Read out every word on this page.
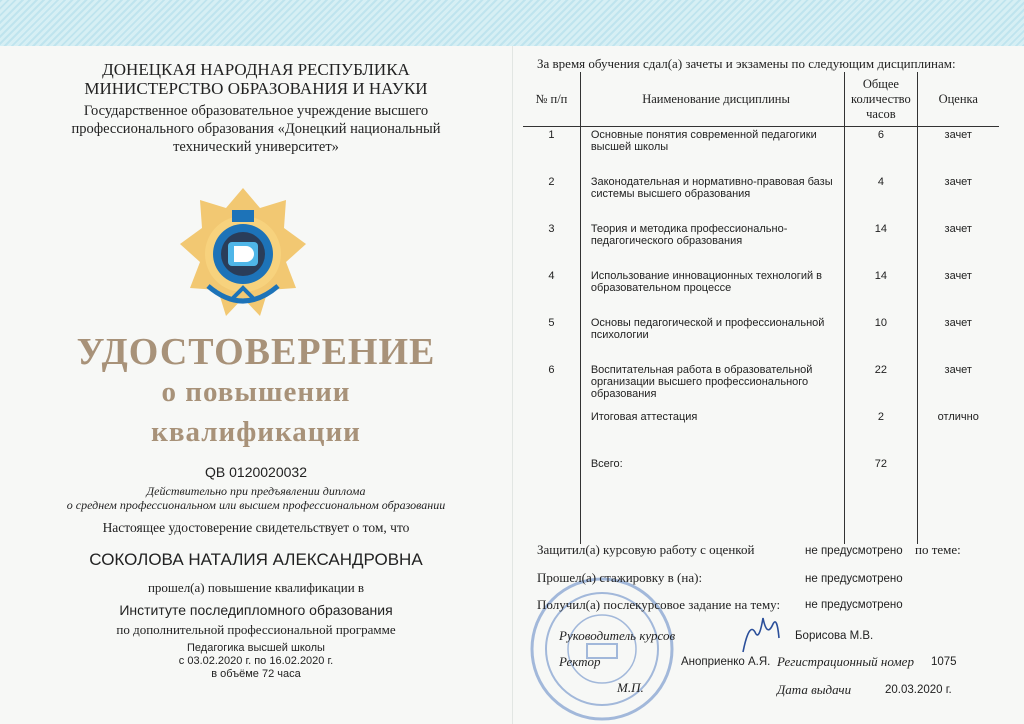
ДОНЕЦКАЯ НАРОДНАЯ РЕСПУБЛИКА
МИНИСТЕРСТВО ОБРАЗОВАНИЯ И НАУКИ
Государственное образовательное учреждение высшего
профессионального образования «Донецкий национальный
технический университет»
УДОСТОВЕРЕНИЕ
о повышении
квалификации
QB 0120020032
Действительно при предъявлении диплома
о среднем профессиональном или высшем профессиональном образовании
Настоящее удостоверение свидетельствует о том, что
СОКОЛОВА НАТАЛИЯ АЛЕКСАНДРОВНА
прошел(а) повышение квалификации в
Институте последипломного образования
по дополнительной профессиональной программе
Педагогика высшей школы
с 03.02.2020 г. по 16.02.2020 г.
в объёме 72 часа
За время обучения сдал(а) зачеты и экзамены по следующим дисциплинам:
№ п/п	Наименование дисциплины	Общее количество часов	Оценка
1	Основные понятия современной педагогики высшей школы	6	зачет
2	Законодательная и нормативно-правовая базы системы высшего образования	4	зачет
3	Теория и методика профессионально-педагогического образования	14	зачет
4	Использование инновационных технологий в образовательном процессе	14	зачет
5	Основы педагогической и профессиональной психологии	10	зачет
6	Воспитательная работа в образовательной организации высшего профессионального образования	22	зачет
	Итоговая аттестация	2	отлично
	Всего:	72	
Защитил(а) курсовую работу с оценкой	не предусмотрено по теме:
Прошел(а) стажировку в (на):	не предусмотрено
Получил(а) послекурсовое задание на тему: не предусмотрено
Руководитель курсов	Борисова М.В.
Ректор	Аноприенко А.Я. Регистрационный номер 1075
М.П.	Дата выдачи	20.03.2020 г.
